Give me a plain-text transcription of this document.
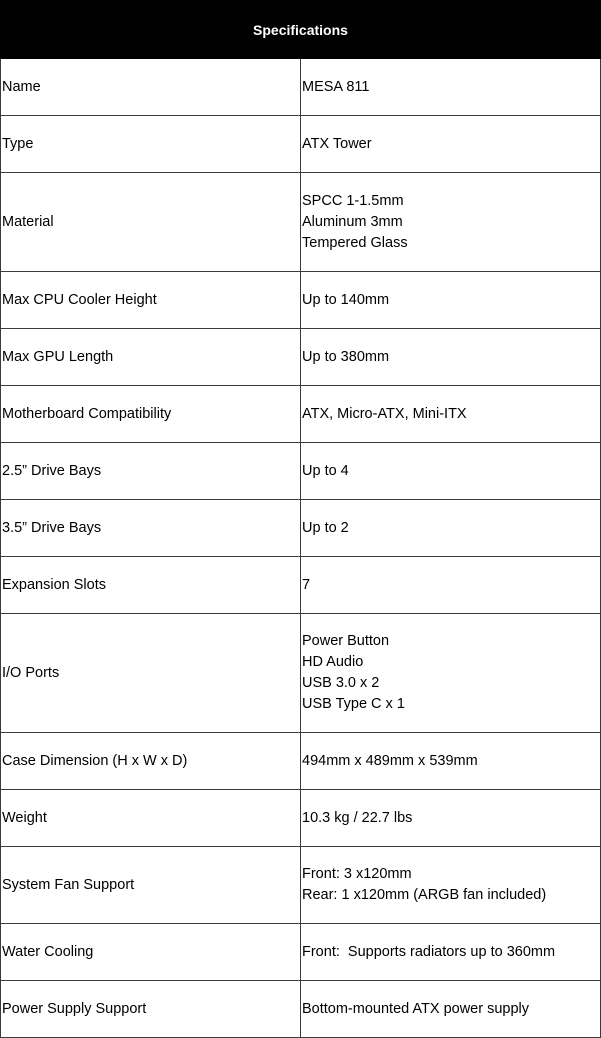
Specifications	
Name	MESA 811

Type	ATX Tower

Material	SPCC 1-1.5mm
Aluminum 3mm
Tempered Glass

Max CPU Cooler Height	Up to 140mm

Max GPU Length	Up to 380mm

Motherboard Compatibility	ATX, Micro-ATX, Mini-ITX

2.5” Drive Bays	Up to 4

3.5” Drive Bays	Up to 2

Expansion Slots	7

I/O Ports	Power Button
HD Audio
USB 3.0 x 2
USB Type C x 1

Case Dimension (H x W x D)	494mm x 489mm x 539mm

Weight	10.3 kg / 22.7 lbs

System Fan Support	Front: 3 x120mm
Rear: 1 x120mm (ARGB fan included)

Water Cooling	Front:  Supports radiators up to 360mm

Power Supply Support	Bottom-mounted ATX power supply
